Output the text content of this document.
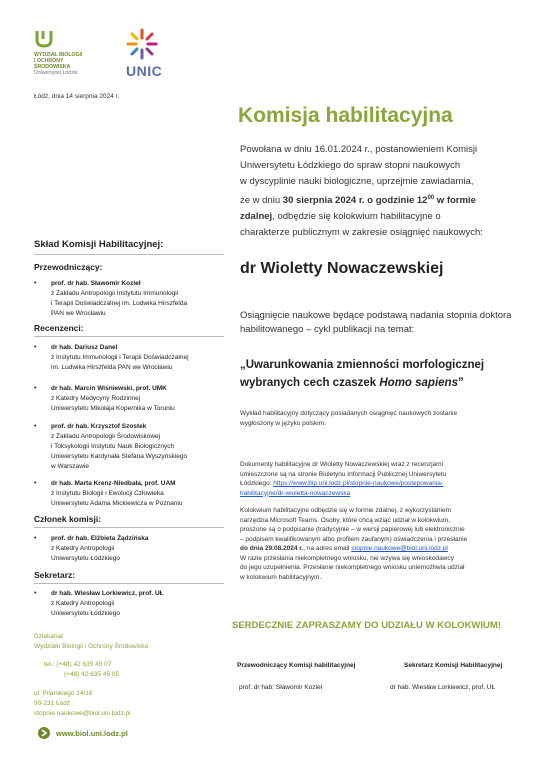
WYDZIAŁ BIOLOGII
I OCHRONY
ŚRODOWISKA
Uniwersytet Łódzki	UNIC
Łódź, dnia 14 sierpnia 2024 r.
Komisja habilitacyjna
Powołana w dniu 16.01.2024 r., postanowieniem Komisji
Uniwersytetu Łódzkiego do spraw stopni naukowych
w dyscyplinie nauki biologiczne, uprzejmie zawiadamia,
że w dniu 30 sierpnia 2024 r. o godzinie $12^{00}$ w formie
zdalnej, odbędzie się kolokwium habilitacyjne o
charakterze publicznym w zakresie osiągnięć naukowych:
dr Wioletty Nowaczewskiej
Osiągnięcie naukowe będące podstawą nadania stopnia doktora
habilitowanego – cykl publikacji na temat:
„Uwarunkowania zmienności morfologicznej
wybranych cech czaszek Homo sapiens”
Wykład habilitacyjny dotyczący posiadanych osiągnięć naukowych zostanie
wygłoszony w języku polskim.
Dokumenty habilitacyjne dr Wioletty Nowaczewskiej wraz z recenzjami
umieszczone są na stronie Biuletynu Informacji Publicznej Uniwersytetu
Łódzkiego: https://www.bip.uni.lodz.pl/stopnie-naukowe/postepowania-
habilitacyjne/dr-wioletta-nowaczewska
Kolokwium habilitacyjne odbędzie się w formie zdalnej, z wykorzystaniem
narzędzia Microsoft Teams. Osoby, które chcą wziąć udział w kolokwium,
proszone są o podpisanie (tradycyjnie – w wersji papierowej lub elektronicznie
– podpisem kwalifikowanym albo profilem zaufanym) oświadczenia i przesłanie
do dnia 29.08.2024 r., na adres email stopnie.naukowe@biol.uni.lodz.pl
W razie przesłania niekompletnego wniosku, nie wzywa się wnioskodawcy
do jego uzupełnienia. Przesłanie niekompletnego wniosku uniemożliwia udział
w kolokwium habilitacyjnym.
SERDECZNIE ZAPRASZAMY DO UDZIAŁU W KOLOKWIUM!
Przewodniczący Komisji habilitacyjnej	Sekretarz Komisji Habilitacyjnej
prof. dr hab. Sławomir Kozieł	dr hab. Wiesław Lorkiewicz, prof. UŁ
Skład Komisji Habilitacyjnej:
Przewodniczący:
• prof. dr hab. Sławomir Kozieł
z Zakładu Antropologii Instytutu Immunologii
i Terapii Doświadczalnej im. Ludwika Hirszfelda
PAN we Wrocławiu
Recenzenci:
• dr hab. Dariusz Danel
z Instytutu Immunologii i Terapii Doświadczalnej
im. Ludwika Hirszfelda PAN we Wrocławiu
• dr hab. Marcin Wiśniewski, prof. UMK
z Katedry Medycyny Rodzinnej
Uniwersytetu Mikołaja Kopernika w Toruniu
• prof. dr hab. Krzysztof Szostek
z Zakładu Antropologii Środowiskowej
i Toksykologii Instytutu Nauk Biologicznych
Uniwersytetu Kardynała Stefana Wyszyńskiego
w Warszawie
• dr hab. Marta Krenz-Niedbała, prof. UAM
z Instytutu Biologii i Ewolucji Człowieka
Uniwersytetu Adama Mickiewicza w Poznaniu
Członek komisji:
• prof. dr hab. Elżbieta Żądzińska
z Katedry Antropologii
Uniwersytetu Łódzkiego
Sekretarz:
• dr hab. Wiesław Lorkiewicz, prof. UŁ
z Katedry Antropologii
Uniwersytetu Łódzkiego
Dziekanat
Wydziału Biologii i Ochrony Środowiska
tel.: (+48) 42 635 45 07
(+48) 42 635 45 05
ul. Pilarskiego 14/16
90-231 Łódź
stopnie.naukowe@biol.uni.lodz.pl
www.biol.uni.lodz.pl
